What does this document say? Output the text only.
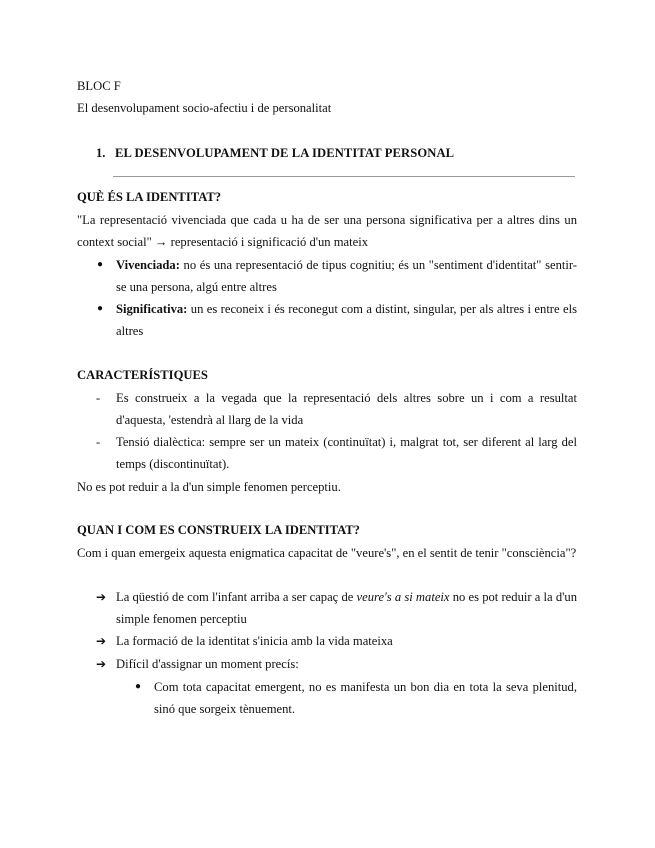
BLOC F

El desenvolupament socio-afectiu i de personalitat

1. EL DESENVOLUPAMENT DE LA IDENTITAT PERSONAL

QUÈ ÉS LA IDENTITAT?

"La representació vivenciada que cada u ha de ser una persona significativa per a altres dins un context social" → representació i significació d'un mateix

● Vivenciada: no és una representació de tipus cognitiu; és un "sentiment d'identitat" sentir-se una persona, algú entre altres

● Significativa: un es reconeix i és reconegut com a distint, singular, per als altres i entre els altres

CARACTERÍSTIQUES

- Es construeix a la vegada que la representació dels altres sobre un i com a resultat d'aquesta, 'estendrà al llarg de la vida

- Tensió dialèctica: sempre ser un mateix (continuïtat) i, malgrat tot, ser diferent al larg del temps (discontinuïtat).

No es pot reduir a la d'un simple fenomen perceptiu.

QUAN I COM ES CONSTRUEIX LA IDENTITAT?

Com i quan emergeix aquesta enigmatica capacitat de "veure's", en el sentit de tenir "consciència"?

➔ La qüestió de com l'infant arriba a ser capaç de veure's a si mateix no es pot reduir a la d'un simple fenomen perceptiu

➔ La formació de la identitat s'inicia amb la vida mateixa

➔ Difícil d'assignar un moment precís:

● Com tota capacitat emergent, no es manifesta un bon dia en tota la seva plenitud, sinó que sorgeix tènuement.
